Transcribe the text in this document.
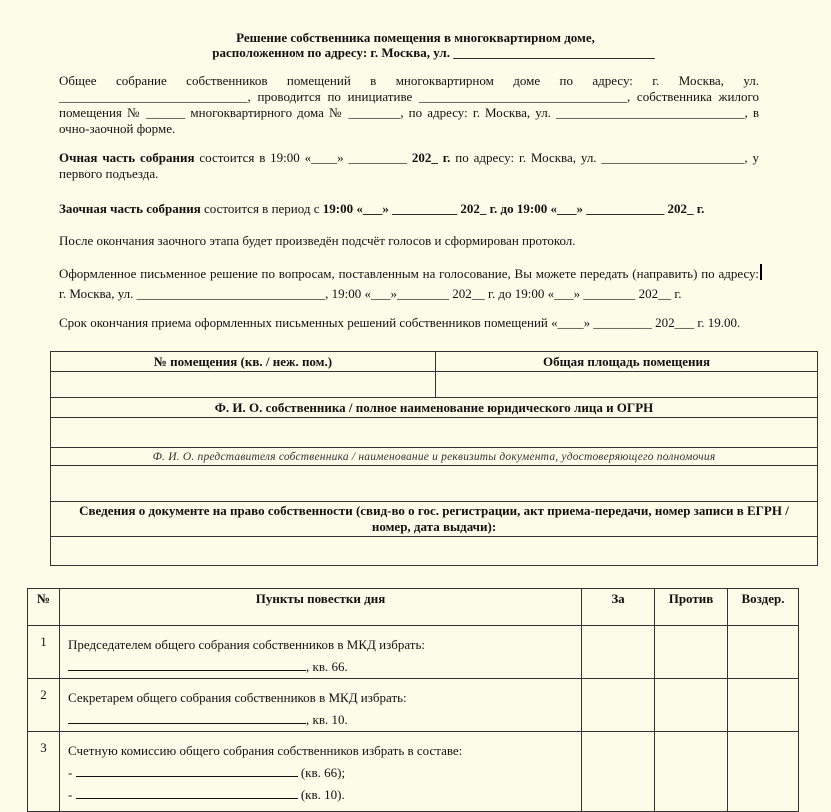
Решение собственника помещения в многоквартирном доме,
расположенном по адресу: г. Москва, ул. _______________________________
Общее собрание собственников помещений в многоквартирном доме по адресу: г. Москва, ул. _____________________________, проводится по инициативе ________________________________, собственника жилого помещения № ______ многоквартирного дома № ________, по адресу: г. Москва, ул. _____________________________, в очно-заочной форме.
Очная часть собрания состоится в 19:00 «____» _________ 202_ г. по адресу: г. Москва, ул. ______________________, у первого подъезда.
Заочная часть собрания состоится в период с 19:00 «___» __________ 202_ г. до 19:00 «___» ____________ 202_ г.
После окончания заочного этапа будет произведён подсчёт голосов и сформирован протокол.
Оформленное письменное решение по вопросам, поставленным на голосование, Вы можете передать (направить) по адресу: г. Москва, ул. _____________________________, 19:00 «___»________ 202__ г. до 19:00 «___» ________ 202__ г.
Срок окончания приема оформленных письменных решений собственников помещений «____» _________ 202___ г. 19.00.
№ помещения (кв. / неж. пом.)	Общая площадь помещения

Ф. И. О. собственника / полное наименование юридического лица и ОГРН	

Ф. И. О. представителя собственника / наименование и реквизиты документа, удостоверяющего полномочия	

Сведения о документе на право собственности (свид-во о гос. регистрации, акт приема-передачи, номер записи в ЕГРН /
номер, дата выдачи):	

№	Пункты повестки дня	За	Против	Воздер.
1	Председателем общего собрания собственников в МКД избрать:
, кв. 66.			

2	Секретарем общего собрания собственников в МКД избрать:
, кв. 10.			

3	Счетную комиссию общего собрания собственников избрать в составе:
- (кв. 66);
- (кв. 10).			
